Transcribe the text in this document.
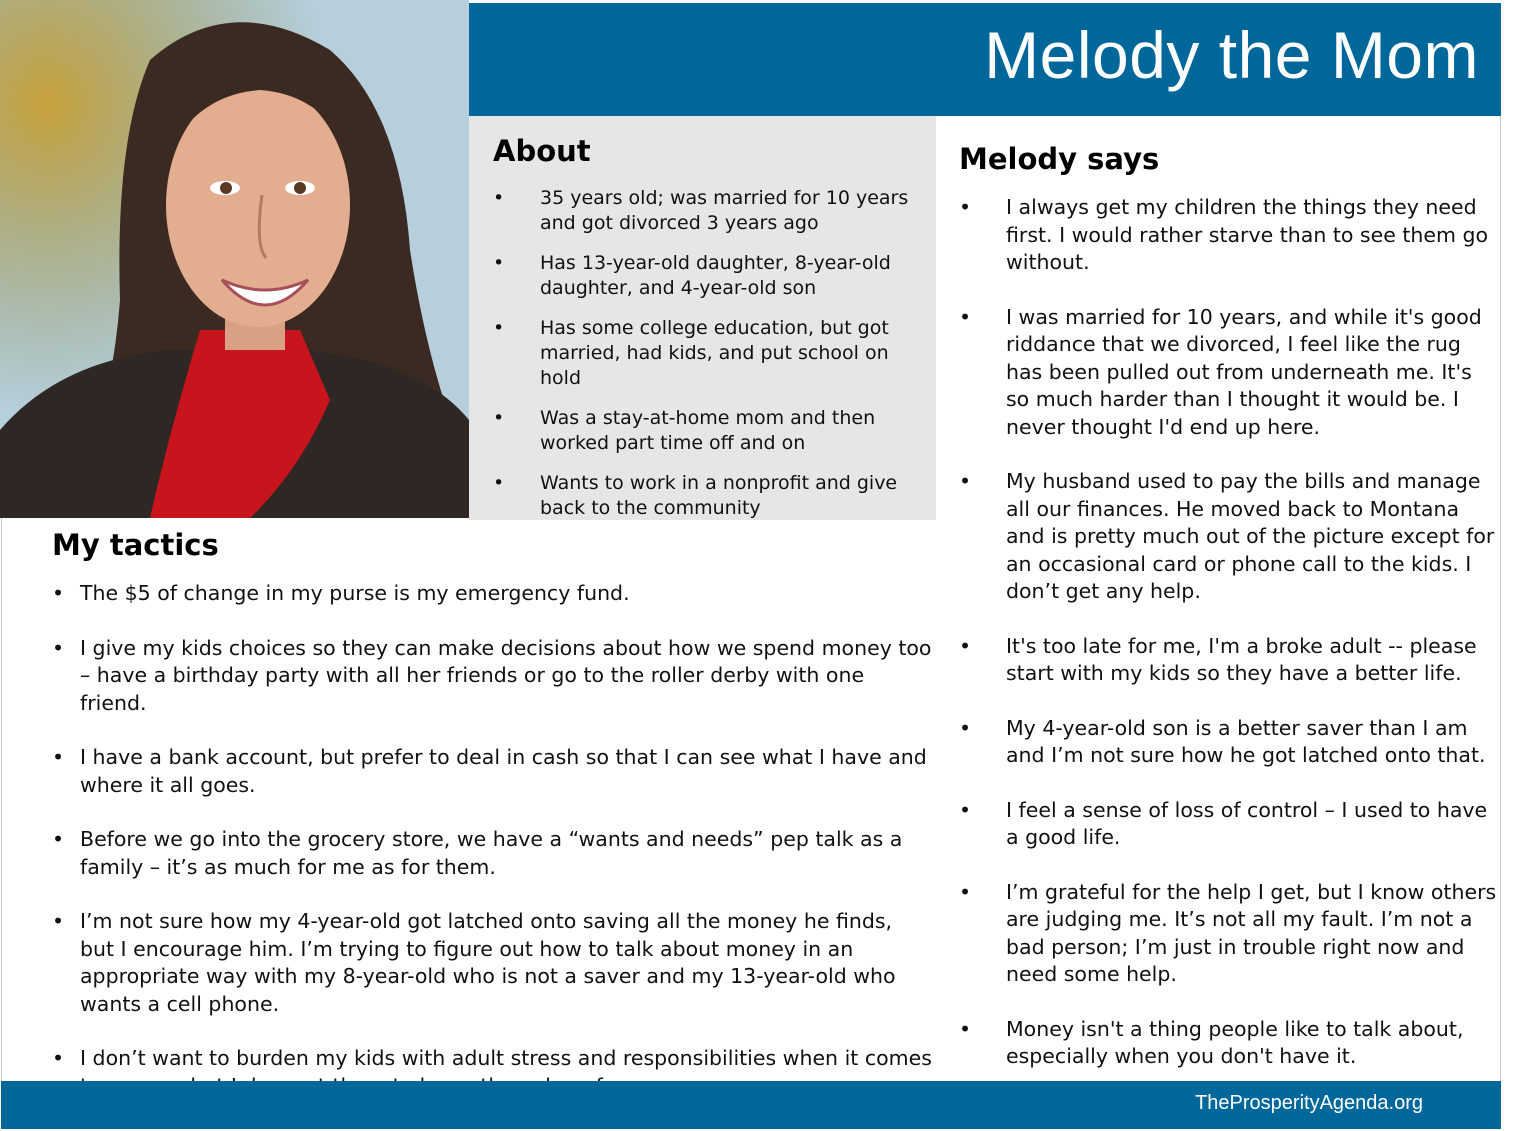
Melody the Mom
About
• 35 years old; was married for 10 years and got divorced 3 years ago
• Has 13-year-old daughter, 8-year-old daughter, and 4-year-old son
• Has some college education, but got married, had kids, and put school on hold
• Was a stay-at-home mom and then worked part time off and on
• Wants to work in a nonprofit and give back to the community
Melody says
• I always get my children the things they need first. I would rather starve than to see them go without.
• I was married for 10 years, and while it's good riddance that we divorced, I feel like the rug has been pulled out from underneath me. It's so much harder than I thought it would be. I never thought I'd end up here.
• My husband used to pay the bills and manage all our finances. He moved back to Montana and is pretty much out of the picture except for an occasional card or phone call to the kids. I don’t get any help.
• It's too late for me, I'm a broke adult -- please start with my kids so they have a better life.
• My 4-year-old son is a better saver than I am and I’m not sure how he got latched onto that.
• I feel a sense of loss of control – I used to have a good life.
• I’m grateful for the help I get, but I know others are judging me. It’s not all my fault. I’m not a bad person; I’m just in trouble right now and need some help.
• Money isn't a thing people like to talk about, especially when you don't have it.
My tactics
• The $5 of change in my purse is my emergency fund.
• I give my kids choices so they can make decisions about how we spend money too – have a birthday party with all her friends or go to the roller derby with one friend.
• I have a bank account, but prefer to deal in cash so that I can see what I have and where it all goes.
• Before we go into the grocery store, we have a “wants and needs” pep talk as a family – it’s as much for me as for them.
• I’m not sure how my 4-year-old got latched onto saving all the money he finds, but I encourage him. I’m trying to figure out how to talk about money in an appropriate way with my 8-year-old who is not a saver and my 13-year-old who wants a cell phone.
• I don’t want to burden my kids with adult stress and responsibilities when it comes
TheProsperityAgenda.org
